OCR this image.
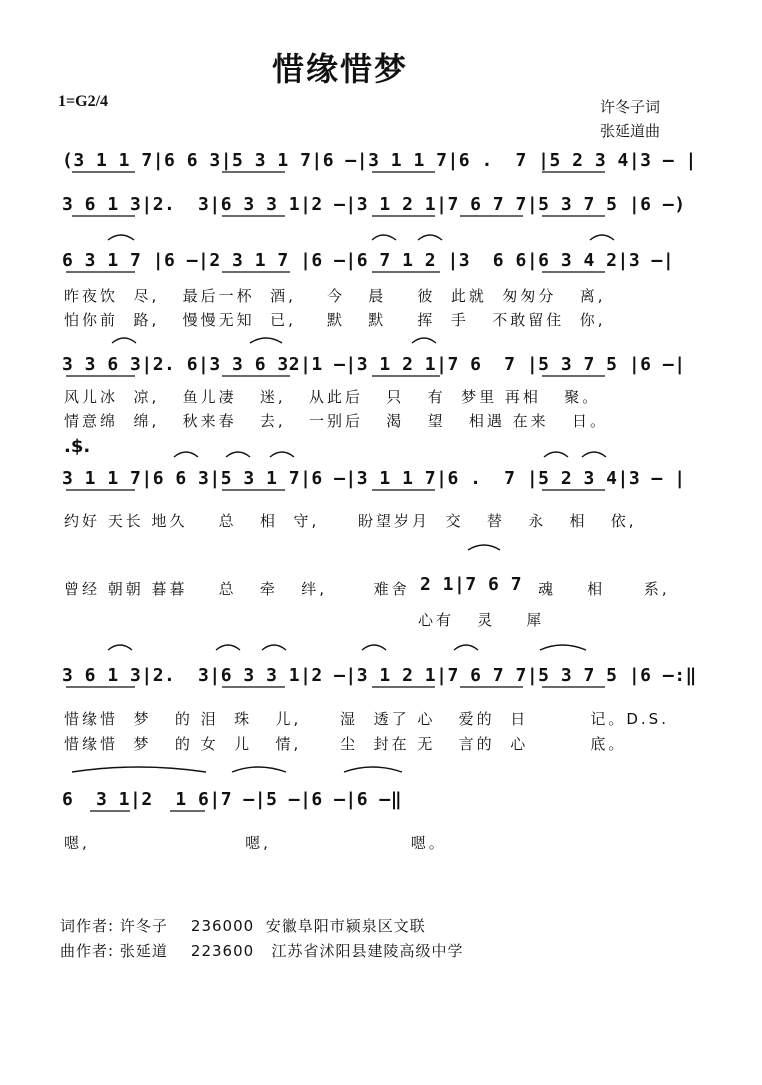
惜缘惜梦
1=G2/4	许冬子词
张延道曲
(3 1 1 7|6 6 3|5 3 1 7|6 —|3 1 1 7|6 .  7 |5 2 3 4|3 — |
3 6 1 3|2.  3|6 3 3 1|2 —|3 1 2 1|7 6 7 7|5 3 7 5 |6 —)
6 3 1 7 |6 —|2 3 1 7 |6 —|6 7 1 2 |3  6 6|6 3 4 2|3 —|
昨夜饮  尽,   最后一杯  酒,    今   晨    彼  此就  匆匆分   离,
怕你前  路,   慢慢无知  已,    默   默    挥  手   不敢留住  你,
3 3 6 3|2. 6|3 3 6 32|1 —|3 1 2 1|7 6  7 |5 3 7 5 |6 —|
风儿冰  凉,   鱼儿凄   迷,   从此后   只   有  梦里 再相   聚。
情意绵  绵,   秋来春   去,   一别后   渴   望   相遇 在来   日。
.$.
3 1 1 7|6 6 3|5 3 1 7|6 —|3 1 1 7|6 .  7 |5 2 3 4|3 — |
约好 天长 地久    总   相  守,     盼望岁月  交   替   永   相   依,
曾经 朝朝 暮暮    总   牵   绊,      难舍 2 1|7 6 7 魂    相     系,
心有   灵    犀
3 6 1 3|2.  3|6 3 3 1|2 —|3 1 2 1|7 6 7 7|5 3 7 5 |6 —:‖
惜缘惜  梦   的 泪  珠   儿,     湿  透了 心   爱的  日        记。D.S.
惜缘惜  梦   的 女  儿   情,     尘  封在 无   言的  心        底。
6  3 1|2  1 6|7 —|5 —|6 —|6 —‖
嗯,                    嗯,                  嗯。
词作者: 许冬子    236000  安徽阜阳市颍泉区文联
曲作者: 张延道    223600   江苏省沭阳县建陵高级中学
